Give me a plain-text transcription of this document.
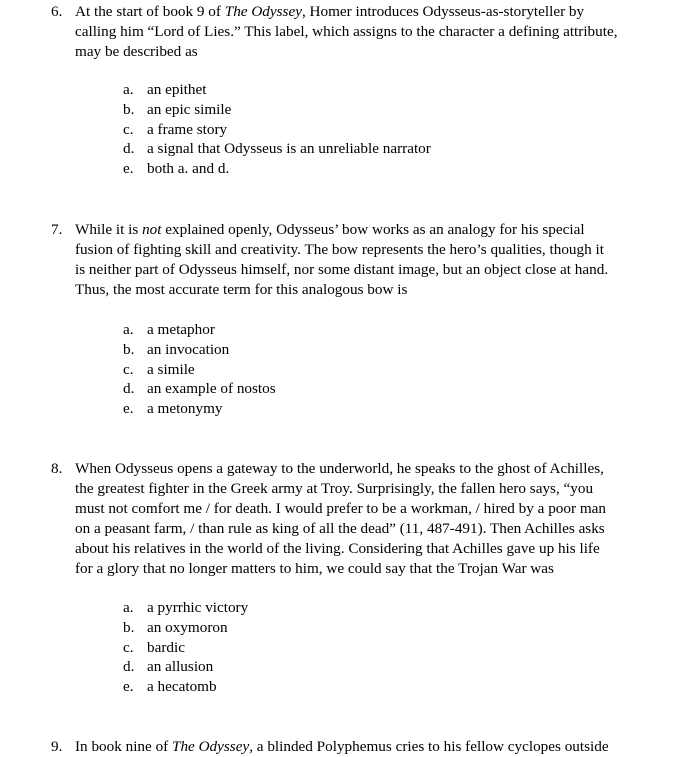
6. At the start of book 9 of The Odyssey, Homer introduces Odysseus-as-storyteller by
calling him “Lord of Lies.” This label, which assigns to the character a defining attribute,
may be described as

a. an epithet
b. an epic simile
c. a frame story
d. a signal that Odysseus is an unreliable narrator
e. both a. and d.
7. While it is not explained openly, Odysseus’ bow works as an analogy for his special
fusion of fighting skill and creativity. The bow represents the hero’s qualities, though it
is neither part of Odysseus himself, nor some distant image, but an object close at hand.
Thus, the most accurate term for this analogous bow is

a. a metaphor
b. an invocation
c. a simile
d. an example of nostos
e. a metonymy
8. When Odysseus opens a gateway to the underworld, he speaks to the ghost of Achilles,
the greatest fighter in the Greek army at Troy. Surprisingly, the fallen hero says, “you
must not comfort me / for death. I would prefer to be a workman, / hired by a poor man
on a peasant farm, / than rule as king of all the dead” (11, 487-491). Then Achilles asks
about his relatives in the world of the living. Considering that Achilles gave up his life
for a glory that no longer matters to him, we could say that the Trojan War was

a. a pyrrhic victory
b. an oxymoron
c. bardic
d. an allusion
e. a hecatomb
9. In book nine of The Odyssey, a blinded Polyphemus cries to his fellow cyclopes outside
